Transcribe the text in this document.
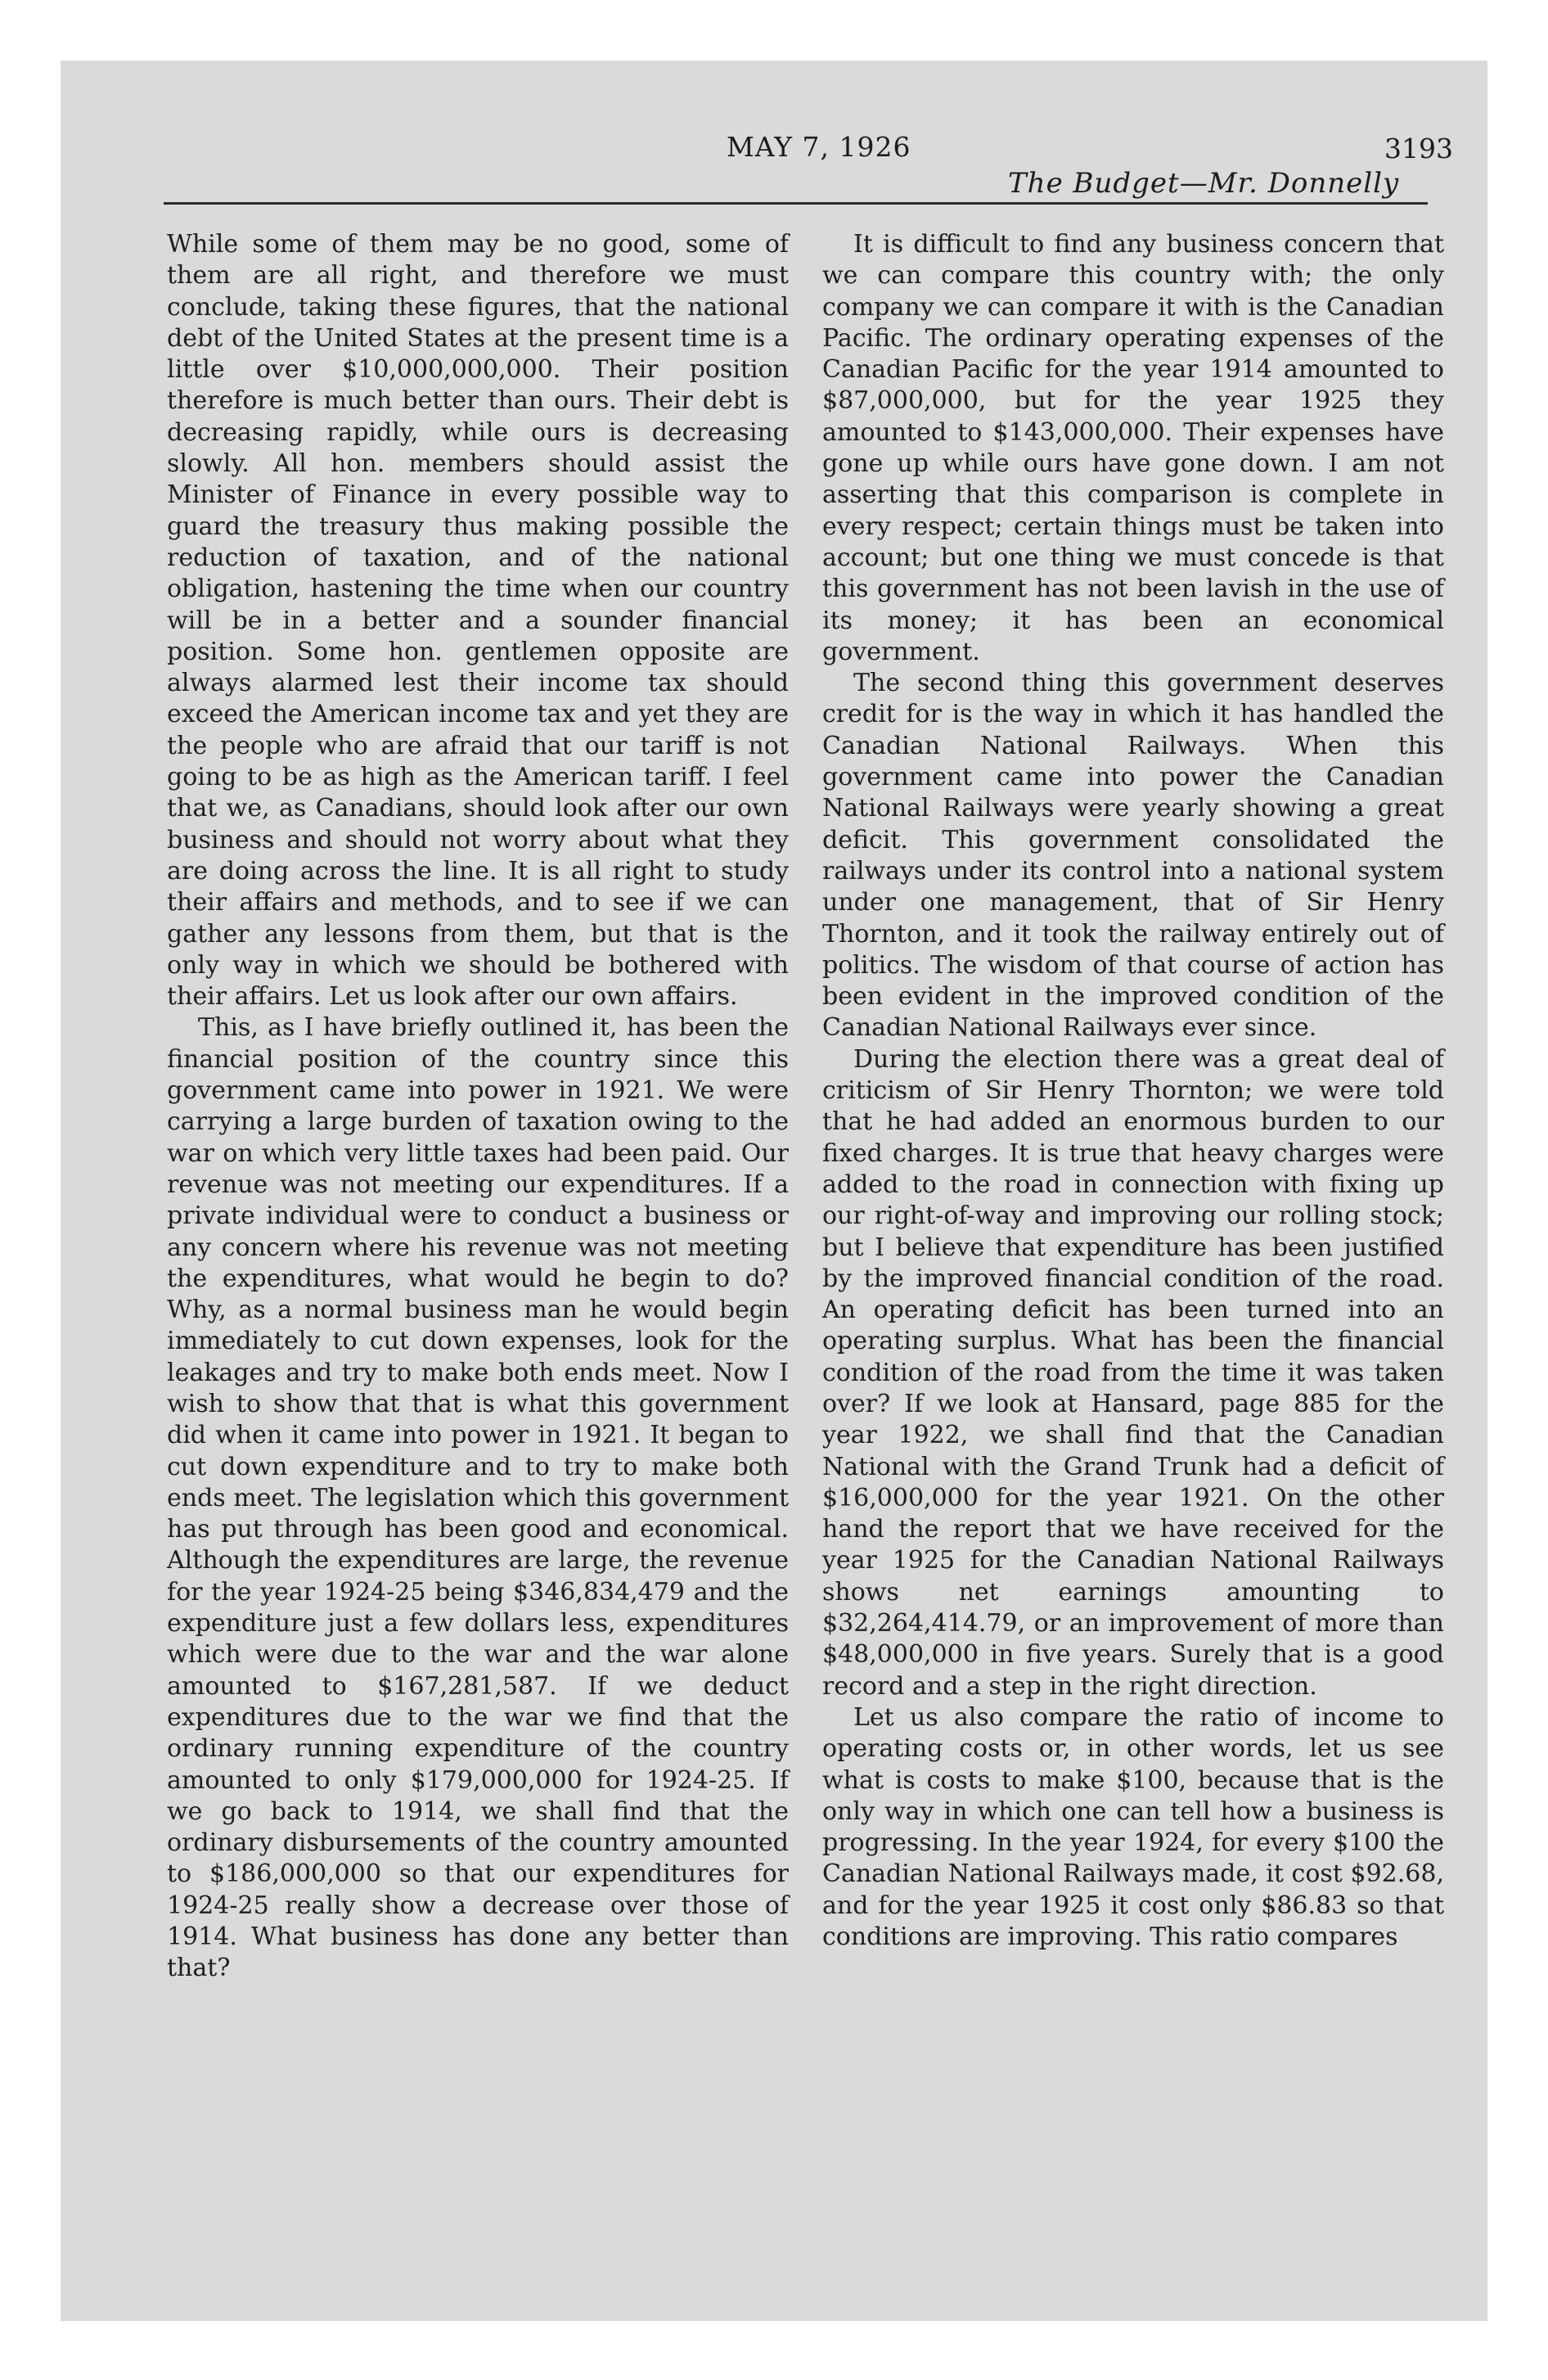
MAY 7, 1926	3193
The Budget—Mr. Donnelly

While some of them may be no good, some of them are all right, and therefore we must conclude, taking these figures, that the national debt of the United States at the present time is a little over $10,000,000,000. Their position therefore is much better than ours. Their debt is decreasing rapidly, while ours is decreasing slowly. All hon. members should assist the Minister of Finance in every possible way to guard the treasury thus making possible the reduction of taxation, and of the national obligation, hastening the time when our country will be in a better and a sounder financial position. Some hon. gentlemen opposite are always alarmed lest their income tax should exceed the American income tax and yet they are the people who are afraid that our tariff is not going to be as high as the American tariff. I feel that we, as Canadians, should look after our own business and should not worry about what they are doing across the line. It is all right to study their affairs and methods, and to see if we can gather any lessons from them, but that is the only way in which we should be bothered with their affairs. Let us look after our own affairs.

This, as I have briefly outlined it, has been the financial position of the country since this government came into power in 1921. We were carrying a large burden of taxation owing to the war on which very little taxes had been paid. Our revenue was not meeting our expenditures. If a private individual were to conduct a business or any concern where his revenue was not meeting the expenditures, what would he begin to do? Why, as a normal business man he would begin immediately to cut down expenses, look for the leakages and try to make both ends meet. Now I wish to show that that is what this government did when it came into power in 1921. It began to cut down expenditure and to try to make both ends meet. The legislation which this government has put through has been good and economical. Although the expenditures are large, the revenue for the year 1924-25 being $346,834,479 and the expenditure just a few dollars less, expenditures which were due to the war and the war alone amounted to $167,281,587. If we deduct expenditures due to the war we find that the ordinary running expenditure of the country amounted to only $179,000,000 for 1924-25. If we go back to 1914, we shall find that the ordinary disbursements of the country amounted to $186,000,000 so that our expenditures for 1924-25 really show a decrease over those of 1914. What business has done any better than that?

It is difficult to find any business concern that we can compare this country with; the only company we can compare it with is the Canadian Pacific. The ordinary operating expenses of the Canadian Pacific for the year 1914 amounted to $87,000,000, but for the year 1925 they amounted to $143,000,000. Their expenses have gone up while ours have gone down. I am not asserting that this comparison is complete in every respect; certain things must be taken into account; but one thing we must concede is that this government has not been lavish in the use of its money; it has been an economical government.

The second thing this government deserves credit for is the way in which it has handled the Canadian National Railways. When this government came into power the Canadian National Railways were yearly showing a great deficit. This government consolidated the railways under its control into a national system under one management, that of Sir Henry Thornton, and it took the railway entirely out of politics. The wisdom of that course of action has been evident in the improved condition of the Canadian National Railways ever since.

During the election there was a great deal of criticism of Sir Henry Thornton; we were told that he had added an enormous burden to our fixed charges. It is true that heavy charges were added to the road in connection with fixing up our right-of-way and improving our rolling stock; but I believe that expenditure has been justified by the improved financial condition of the road. An operating deficit has been turned into an operating surplus. What has been the financial condition of the road from the time it was taken over? If we look at Hansard, page 885 for the year 1922, we shall find that the Canadian National with the Grand Trunk had a deficit of $16,000,000 for the year 1921. On the other hand the report that we have received for the year 1925 for the Canadian National Railways shows net earnings amounting to $32,264,414.79, or an improvement of more than $48,000,000 in five years. Surely that is a good record and a step in the right direction.

Let us also compare the ratio of income to operating costs or, in other words, let us see what is costs to make $100, because that is the only way in which one can tell how a business is progressing. In the year 1924, for every $100 the Canadian National Railways made, it cost $92.68, and for the year 1925 it cost only $86.83 so that conditions are improving. This ratio compares
